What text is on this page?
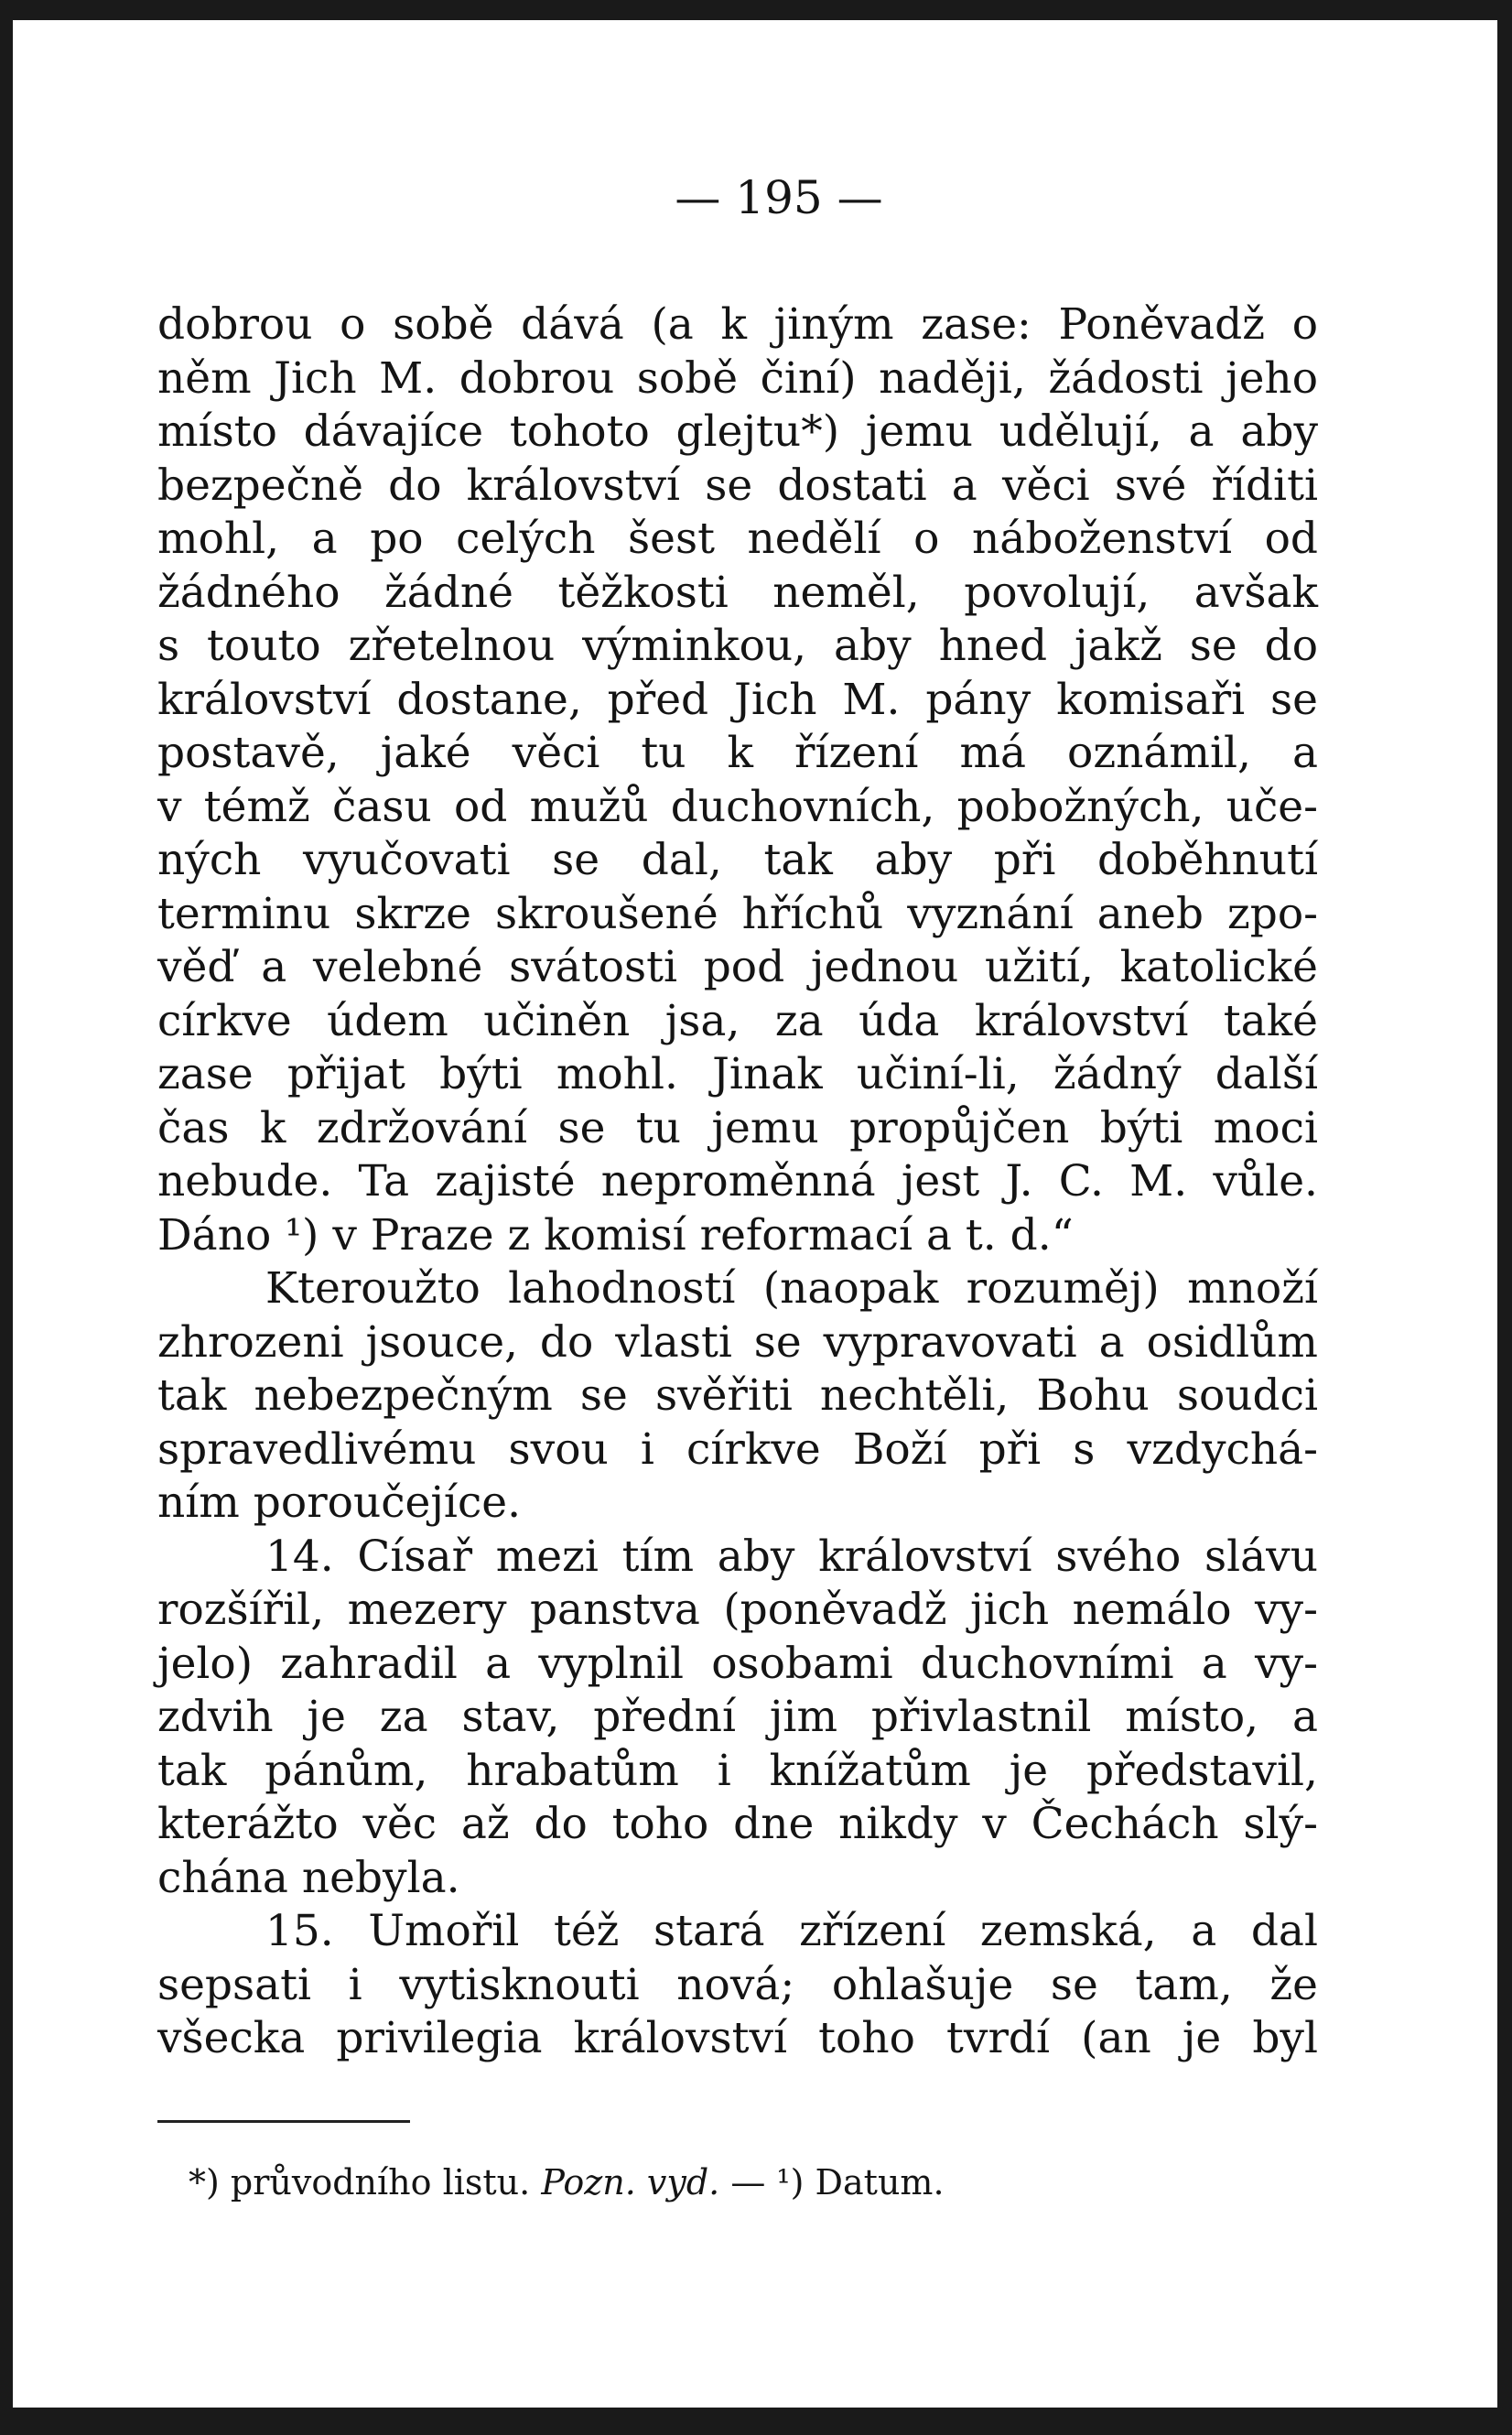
— 195 —
dobrou o sobě dává (a k jiným zase: Poněvadž o
něm Jich M. dobrou sobě činí) naději, žádosti jeho
místo dávajíce tohoto glejtu*) jemu udělují, a aby
bezpečně do království se dostati a věci své říditi
mohl, a po celých šest nedělí o náboženství od
žádného žádné těžkosti neměl, povolují, avšak
s touto zřetelnou výminkou, aby hned jakž se do
království dostane, před Jich M. pány komisaři se
postavě, jaké věci tu k řízení má oznámil, a
v témž času od mužů duchovních, pobožných, uče-
ných vyučovati se dal, tak aby při doběhnutí
terminu skrze skroušené hříchů vyznání aneb zpo-
věď a velebné svátosti pod jednou užití, katolické
církve údem učiněn jsa, za úda království také
zase přijat býti mohl. Jinak učiní-li, žádný další
čas k zdržování se tu jemu propůjčen býti moci
nebude. Ta zajisté neproměnná jest J. C. M. vůle.
Dáno ¹) v Praze z komisí reformací a t. d.“
Kteroužto lahodností (naopak rozuměj) množí
zhrozeni jsouce, do vlasti se vypravovati a osidlům
tak nebezpečným se svěřiti nechtěli, Bohu soudci
spravedlivému svou i církve Boží při s vzdychá-
ním poroučejíce.
14. Císař mezi tím aby království svého slávu
rozšířil, mezery panstva (poněvadž jich nemálo vy-
jelo) zahradil a vyplnil osobami duchovními a vy-
zdvih je za stav, přední jim přivlastnil místo, a
tak pánům, hrabatům i knížatům je představil,
kterážto věc až do toho dne nikdy v Čechách slý-
chána nebyla.
15. Umořil též stará zřízení zemská, a dal
sepsati i vytisknouti nová; ohlašuje se tam, že
všecka privilegia království toho tvrdí (an je byl
*) průvodního listu. Pozn. vyd. — ¹) Datum.
